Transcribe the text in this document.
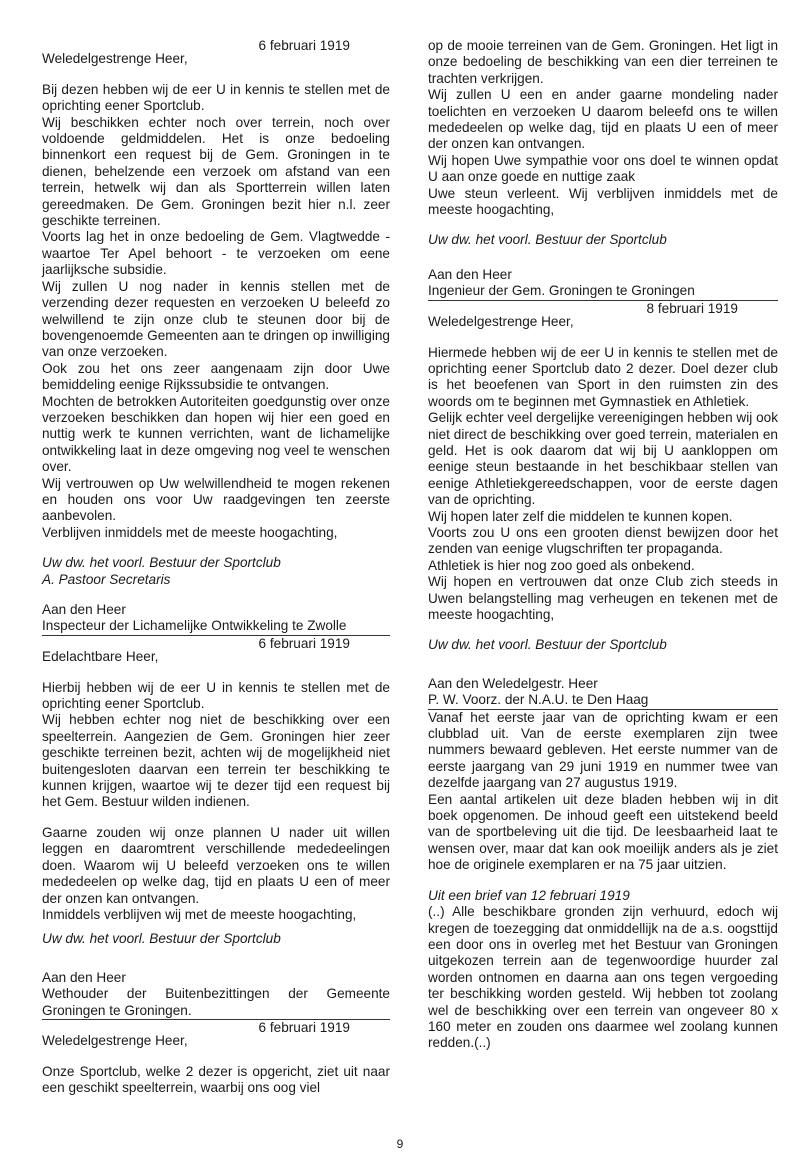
6 februari 1919
Weledelgestrenge Heer,

Bij dezen hebben wij de eer U in kennis te stellen met de oprichting eener Sportclub.

Wij beschikken echter noch over terrein, noch over voldoende geldmiddelen. Het is onze bedoeling binnenkort een request bij de Gem. Groningen in te dienen, behelzende een verzoek om afstand van een terrein, hetwelk wij dan als Sportterrein willen laten gereedmaken. De Gem. Groningen bezit hier n.l. zeer geschikte terreinen.

Voorts lag het in onze bedoeling de Gem. Vlagtwedde - waartoe Ter Apel behoort - te verzoeken om eene jaarlijksche subsidie.

Wij zullen U nog nader in kennis stellen met de verzending dezer requesten en verzoeken U beleefd zo welwillend te zijn onze club te steunen door bij de bovengenoemde Gemeenten aan te dringen op inwilliging van onze verzoeken.

Ook zou het ons zeer aangenaam zijn door Uwe bemiddeling eenige Rijkssubsidie te ontvangen.

Mochten de betrokken Autoriteiten goedgunstig over onze verzoeken beschikken dan hopen wij hier een goed en nuttig werk te kunnen verrichten, want de lichamelijke ontwikkeling laat in deze omgeving nog veel te wenschen over.

Wij vertrouwen op Uw welwillendheid te mogen rekenen en houden ons voor Uw raadgevingen ten zeerste aanbevolen.

Verblijven inmiddels met de meeste hoogachting,

Uw dw. het voorl. Bestuur der Sportclub
A. Pastoor Secretaris
Aan den Heer
Inspecteur der Lichamelijke Ontwikkeling te Zwolle
6 februari 1919
Edelachtbare Heer,

Hierbij hebben wij de eer U in kennis te stellen met de oprichting eener Sportclub.

Wij hebben echter nog niet de beschikking over een speelterrein. Aangezien de Gem. Groningen hier zeer geschikte terreinen bezit, achten wij de mogelijkheid niet buitengesloten daarvan een terrein ter beschikking te kunnen krijgen, waartoe wij te dezer tijd een request bij het Gem. Bestuur wilden indienen.

Gaarne zouden wij onze plannen U nader uit willen leggen en daaromtrent verschillende mededeelingen doen. Waarom wij U beleefd verzoeken ons te willen mededeelen op welke dag, tijd en plaats U een of meer der onzen kan ontvangen.

Inmiddels verblijven wij met de meeste hoogachting,

Uw dw. het voorl. Bestuur der Sportclub
Aan den Heer
Wethouder der Buitenbezittingen der Gemeente Groningen te Groningen.
6 februari 1919
Weledelgestrenge Heer,

Onze Sportclub, welke 2 dezer is opgericht, ziet uit naar een geschikt speelterrein, waarbij ons oog viel

op de mooie terreinen van de Gem. Groningen. Het ligt in onze bedoeling de beschikking van een dier terreinen te trachten verkrijgen.

Wij zullen U een en ander gaarne mondeling nader toelichten en verzoeken U daarom beleefd ons te willen mededeelen op welke dag, tijd en plaats U een of meer der onzen kan ontvangen.

Wij hopen Uwe sympathie voor ons doel te winnen opdat U aan onze goede en nuttige zaak

Uwe steun verleent. Wij verblijven inmiddels met de meeste hoogachting,

Uw dw. het voorl. Bestuur der Sportclub
Aan den Heer
Ingenieur der Gem. Groningen te Groningen
8 februari 1919
Weledelgestrenge Heer,

Hiermede hebben wij de eer U in kennis te stellen met de oprichting eener Sportclub dato 2 dezer. Doel dezer club is het beoefenen van Sport in den ruimsten zin des woords om te beginnen met Gymnastiek en Athletiek.

Gelijk echter veel dergelijke vereenigingen hebben wij ook niet direct de beschikking over goed terrein, materialen en geld. Het is ook daarom dat wij bij U aankloppen om eenige steun bestaande in het beschikbaar stellen van eenige Athletiekgereedschappen, voor de eerste dagen van de oprichting.

Wij hopen later zelf die middelen te kunnen kopen.

Voorts zou U ons een grooten dienst bewijzen door het zenden van eenige vlugschriften ter propaganda.

Athletiek is hier nog zoo goed als onbekend.

Wij hopen en vertrouwen dat onze Club zich steeds in Uwen belangstelling mag verheugen en tekenen met de meeste hoogachting,

Uw dw. het voorl. Bestuur der Sportclub
Aan den Weledelgestr. Heer
P. W. Voorz. der N.A.U. te Den Haag

Vanaf het eerste jaar van de oprichting kwam er een clubblad uit. Van de eerste exemplaren zijn twee nummers bewaard gebleven. Het eerste nummer van de eerste jaargang van 29 juni 1919 en nummer twee van dezelfde jaargang van 27 augustus 1919.

Een aantal artikelen uit deze bladen hebben wij in dit boek opgenomen. De inhoud geeft een uitstekend beeld van de sportbeleving uit die tijd. De leesbaarheid laat te wensen over, maar dat kan ook moeilijk anders als je ziet hoe de originele exemplaren er na 75 jaar uitzien.

Uit een brief van 12 februari 1919

(..) Alle beschikbare gronden zijn verhuurd, edoch wij kregen de toezegging dat onmiddellijk na de a.s. oogsttijd een door ons in overleg met het Bestuur van Groningen uitgekozen terrein aan de tegenwoordige huurder zal worden ontnomen en daarna aan ons tegen vergoeding ter beschikking worden gesteld. Wij hebben tot zoolang wel de beschikking over een terrein van ongeveer 80 x 160 meter en zouden ons daarmee wel zoolang kunnen redden.(..)

9
